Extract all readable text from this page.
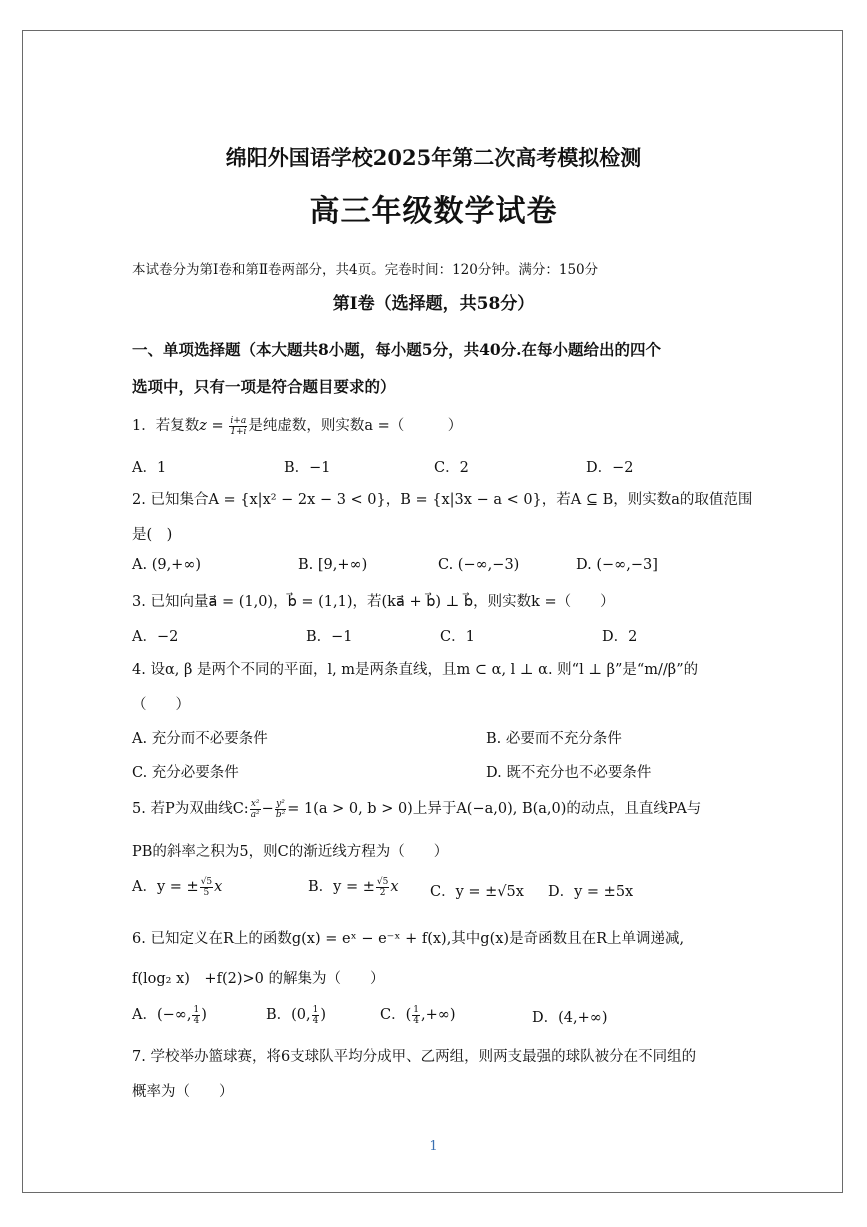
绵阳外国语学校2025年第二次高考模拟检测
高三年级数学试卷
本试卷分为第Ⅰ卷和第Ⅱ卷两部分，共4页。完卷时间：120分钟。满分：150分
第Ⅰ卷（选择题，共58分）
一、单项选择题（本大题共8小题，每小题5分，共40分.在每小题给出的四个
选项中，只有一项是符合题目要求的）
1．若复数$z = \frac{i+a}{1+i}$ 是纯虚数，则实数a =（　　　）
A．1	B．−1	C．2	D．−2
2. 已知集合A = {x|x² − 2x − 3 < 0}，B = {x|3x − a < 0}，若A ⊆ B，则实数a的取值范围
是(　)
A. (9,+∞)	B. [9,+∞)	C. (−∞,−3)	D. (−∞,−3]
3. 已知向量a⃗ = (1,0)，b⃗ = (1,1)，若(ka⃗ + b⃗) ⊥ b⃗，则实数k =（　　）
A．−2	B．−1	C．1	D．2
4. 设α, β 是两个不同的平面，l, m是两条直线，且m ⊂ α, l ⊥ α. 则“l ⊥ β”是“m//β”的
（　　）
A. 充分而不必要条件	B. 必要而不充分条件
C. 充分必要条件	D. 既不充分也不必要条件
5. 若P为双曲线C: $\frac{\text{x²}}{\text{a²}} - \frac{\text{y²}}{\text{b²}} = 1(a > 0$, b > 0)上异于A(−a,0), B(a,0)的动点，且直线PA与
PB的斜率之积为5，则C的渐近线方程为（　　）
A．y = ± $\frac{√5}{5}$ x	B．y = ± $\frac{√5}{2}$ x C．y = ±√5x D．y = ±5x
6. 已知定义在R上的函数g(x) = eˣ − e⁻ˣ + f(x),其中g(x)是奇函数且在R上单调递减,
f(log₂ x)　+f(2)>0 的解集为（　　）
A．(−∞, $\frac{1}{4}$ )	B．(0, $\frac{1}{4}$ )	C．( $\frac{1}{4}$ ,+∞)	D．(4,+∞)
7. 学校举办篮球赛，将6支球队平均分成甲、乙两组，则两支最强的球队被分在不同组的
概率为（　　）
1
